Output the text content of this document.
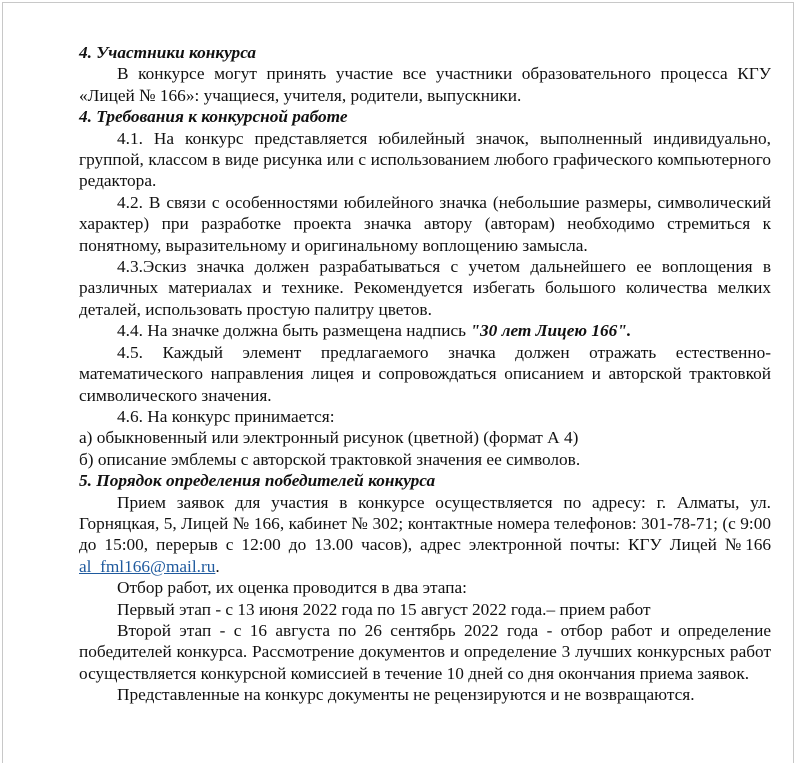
4. Участники конкурса

В конкурсе могут принять участие все участники образовательного процесса КГУ «Лицей № 166»: учащиеся, учителя, родители, выпускники.

4. Требования к конкурсной работе

4.1. На конкурс представляется юбилейный значок, выполненный индивидуально, группой, классом в виде рисунка или с использованием любого графического компьютерного редактора.

4.2. В связи с особенностями юбилейного значка (небольшие размеры, символический характер) при разработке проекта значка автору (авторам) необходимо стремиться к понятному, выразительному и оригинальному воплощению замысла.

4.3.Эскиз значка должен разрабатываться с учетом дальнейшего ее воплощения в различных материалах и технике. Рекомендуется избегать большого количества мелких деталей, использовать простую палитру цветов.

4.4. На значке должна быть размещена надпись "30 лет Лицею 166".

4.5. Каждый элемент предлагаемого значка должен отражать естественно-математического направления лицея и сопровождаться описанием и авторской трактовкой символического значения.

4.6. На конкурс принимается:

а) обыкновенный или электронный рисунок (цветной) (формат А 4)

б) описание эмблемы с авторской трактовкой значения ее символов.

5. Порядок определения победителей конкурса

Прием заявок для участия в конкурсе осуществляется по адресу: г. Алматы, ул. Горняцкая, 5, Лицей № 166, кабинет № 302; контактные номера телефонов: 301-78-71; (с 9:00 до 15:00, перерыв с 12:00 до 13.00 часов), адрес электронной почты: КГУ Лицей №166 al_fml166@mail.ru.

Отбор работ, их оценка проводится в два этапа:

Первый этап - с 13 июня 2022 года по 15 август 2022 года.– прием работ

Второй этап - с 16 августа по 26 сентябрь 2022 года - отбор работ и определение победителей конкурса. Рассмотрение документов и определение 3 лучших конкурсных работ осуществляется конкурсной комиссией в течение 10 дней со дня окончания приема заявок.

Представленные на конкурс документы не рецензируются и не возвращаются.
